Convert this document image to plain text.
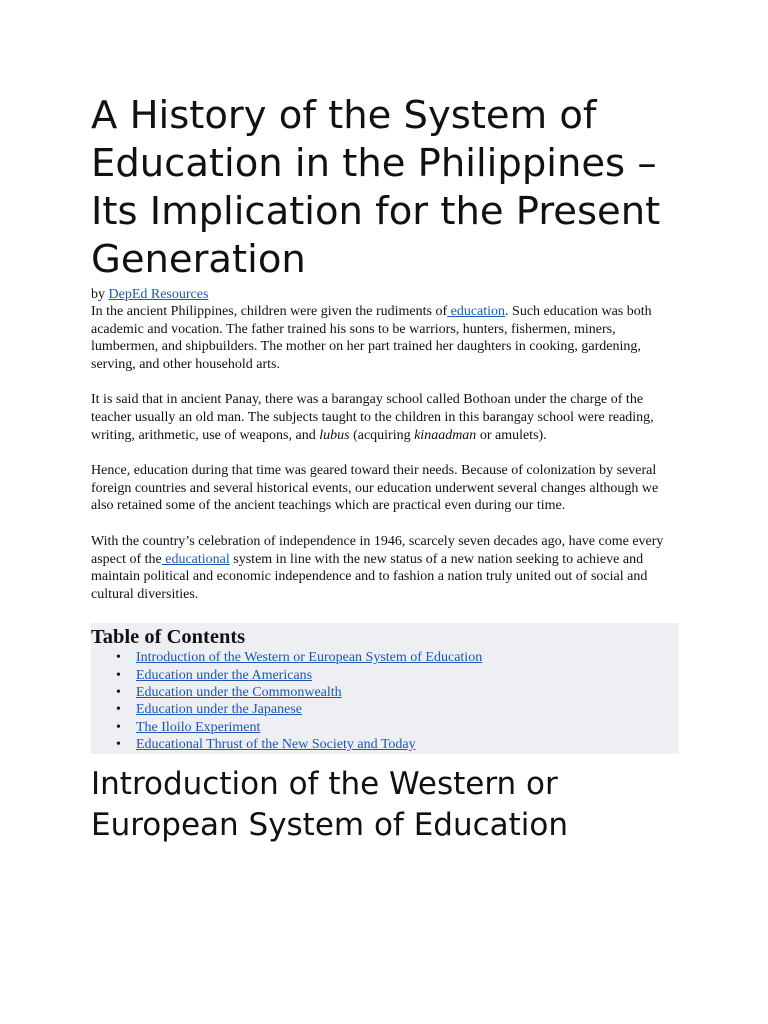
A History of the System of Education in the Philippines – Its Implication for the Present Generation
by DepEd Resources

In the ancient Philippines, children were given the rudiments of education. Such education was both academic and vocation. The father trained his sons to be warriors, hunters, fishermen, miners, lumbermen, and shipbuilders. The mother on her part trained her daughters in cooking, gardening, serving, and other household arts.

It is said that in ancient Panay, there was a barangay school called Bothoan under the charge of the teacher usually an old man. The subjects taught to the children in this barangay school were reading, writing, arithmetic, use of weapons, and lubus (acquiring kinaadman or amulets).

Hence, education during that time was geared toward their needs. Because of colonization by several foreign countries and several historical events, our education underwent several changes although we also retained some of the ancient teachings which are practical even during our time.

With the country’s celebration of independence in 1946, scarcely seven decades ago, have come every aspect of the educational system in line with the new status of a new nation seeking to achieve and maintain political and economic independence and to fashion a nation truly united out of social and cultural diversities.

Table of Contents
• Introduction of the Western or European System of Education
• Education under the Americans
• Education under the Commonwealth
• Education under the Japanese
• The Iloilo Experiment
• Educational Thrust of the New Society and Today
Introduction of the Western or European System of Education
